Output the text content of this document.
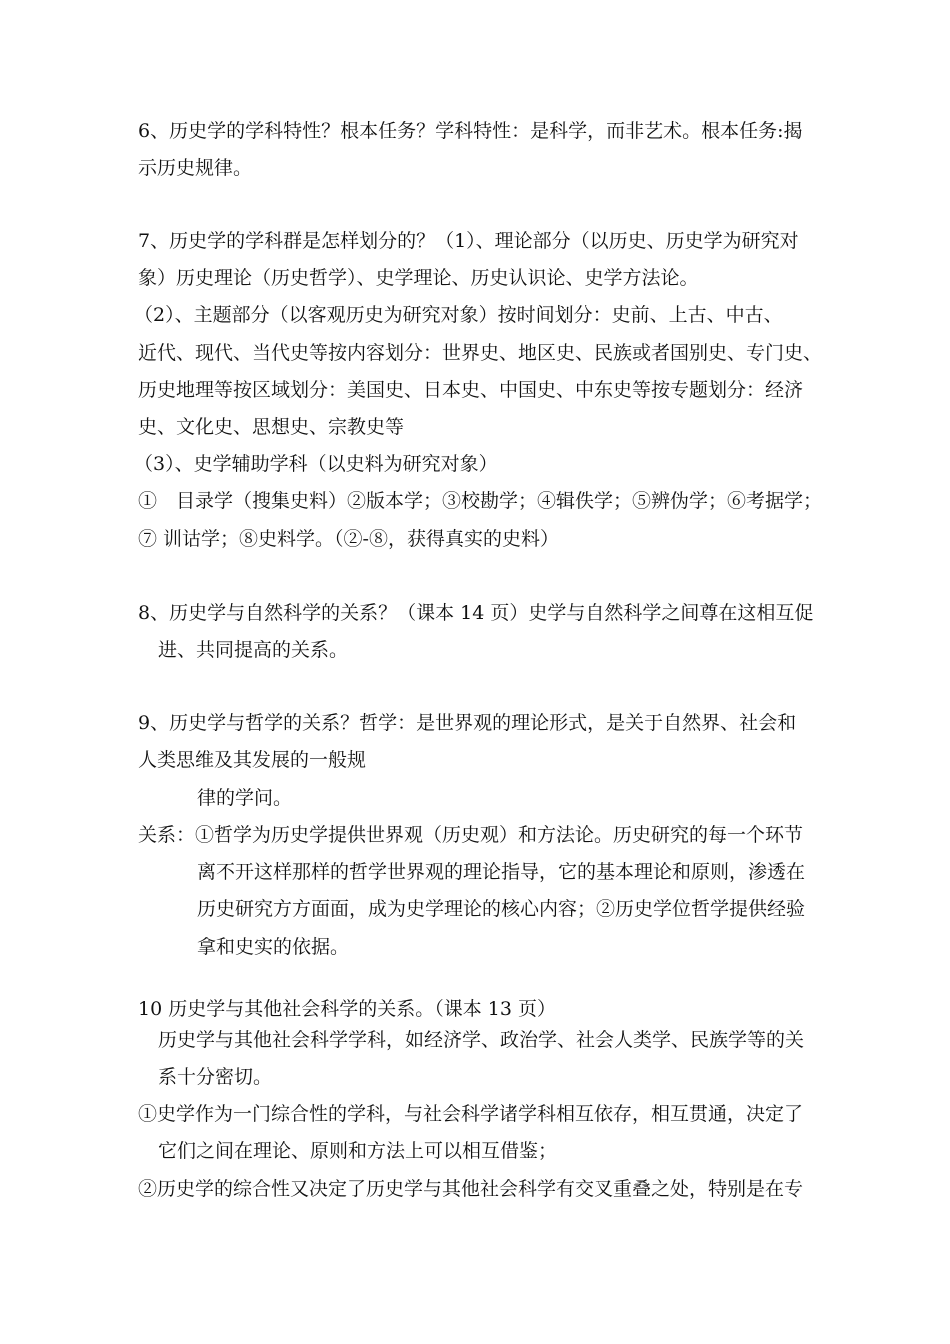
6、历史学的学科特性？根本任务？学科特性：是科学，而非艺术。根本任务:揭
示历史规律。
7、历史学的学科群是怎样划分的？（1）、理论部分（以历史、历史学为研究对
象）历史理论（历史哲学）、史学理论、历史认识论、史学方法论。
（2）、主题部分（以客观历史为研究对象）按时间划分：史前、上古、中古、
近代、现代、当代史等按内容划分：世界史、地区史、民族或者国别史、专门史、
历史地理等按区域划分：美国史、日本史、中国史、中东史等按专题划分：经济
史、文化史、思想史、宗教史等
（3）、史学辅助学科（以史料为研究对象）
①　目录学（搜集史料）②版本学；③校勘学；④辑佚学；⑤辨伪学；⑥考据学；
⑦ 训诂学；⑧史料学。（②-⑧，获得真实的史料）
8、历史学与自然科学的关系？（课本 14 页）史学与自然科学之间尊在这相互促
进、共同提高的关系。
9、历史学与哲学的关系？哲学：是世界观的理论形式，是关于自然界、社会和
人类思维及其发展的一般规
律的学问。
关系：①哲学为历史学提供世界观（历史观）和方法论。历史研究的每一个环节
离不开这样那样的哲学世界观的理论指导，它的基本理论和原则，渗透在
历史研究方方面面，成为史学理论的核心内容；②历史学位哲学提供经验
拿和史实的依据。
10 历史学与其他社会科学的关系。（课本 13 页）
历史学与其他社会科学学科，如经济学、政治学、社会人类学、民族学等的关
系十分密切。
①史学作为一门综合性的学科，与社会科学诸学科相互依存，相互贯通，决定了
它们之间在理论、原则和方法上可以相互借鉴；
②历史学的综合性又决定了历史学与其他社会科学有交叉重叠之处，特别是在专
